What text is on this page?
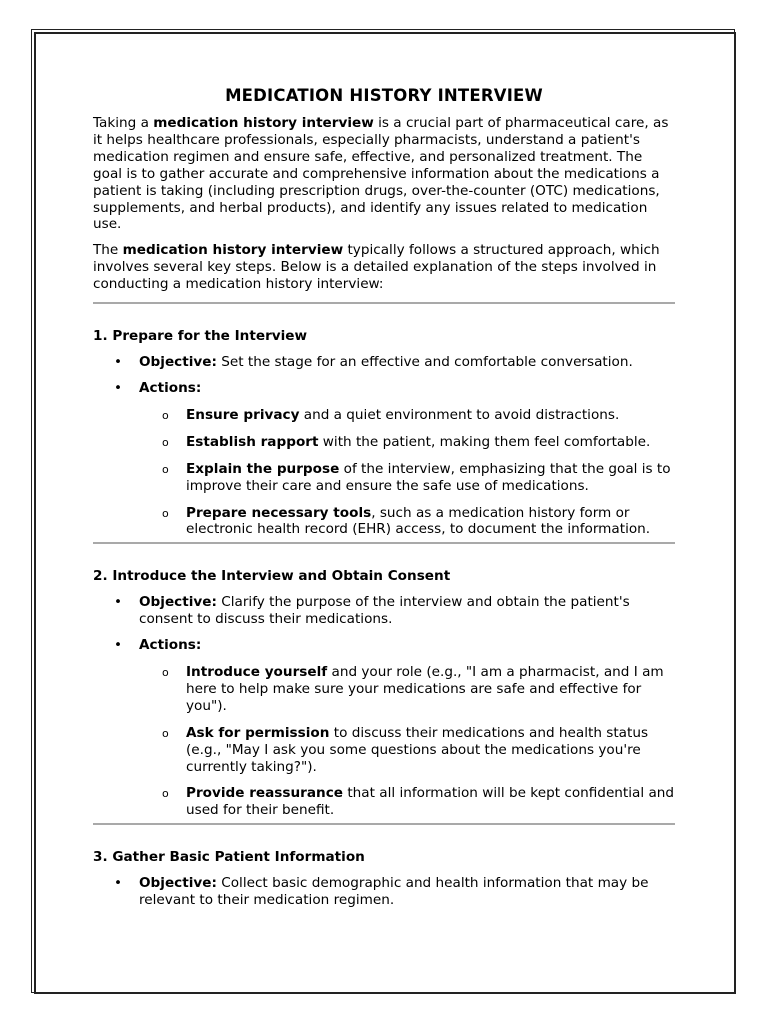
MEDICATION HISTORY INTERVIEW

Taking a medication history interview is a crucial part of pharmaceutical care, as it helps healthcare professionals, especially pharmacists, understand a patient's medication regimen and ensure safe, effective, and personalized treatment. The goal is to gather accurate and comprehensive information about the medications a patient is taking (including prescription drugs, over-the-counter (OTC) medications, supplements, and herbal products), and identify any issues related to medication use.

The medication history interview typically follows a structured approach, which involves several key steps. Below is a detailed explanation of the steps involved in conducting a medication history interview:

1. Prepare for the Interview
• Objective: Set the stage for an effective and comfortable conversation.
• Actions:
o Ensure privacy and a quiet environment to avoid distractions.
o Establish rapport with the patient, making them feel comfortable.
o Explain the purpose of the interview, emphasizing that the goal is to improve their care and ensure the safe use of medications.
o Prepare necessary tools, such as a medication history form or electronic health record (EHR) access, to document the information.
2. Introduce the Interview and Obtain Consent
• Objective: Clarify the purpose of the interview and obtain the patient's consent to discuss their medications.
• Actions:
o Introduce yourself and your role (e.g., "I am a pharmacist, and I am here to help make sure your medications are safe and effective for you").
o Ask for permission to discuss their medications and health status (e.g., "May I ask you some questions about the medications you're currently taking?").
o Provide reassurance that all information will be kept confidential and used for their benefit.
3. Gather Basic Patient Information
• Objective: Collect basic demographic and health information that may be relevant to their medication regimen.
